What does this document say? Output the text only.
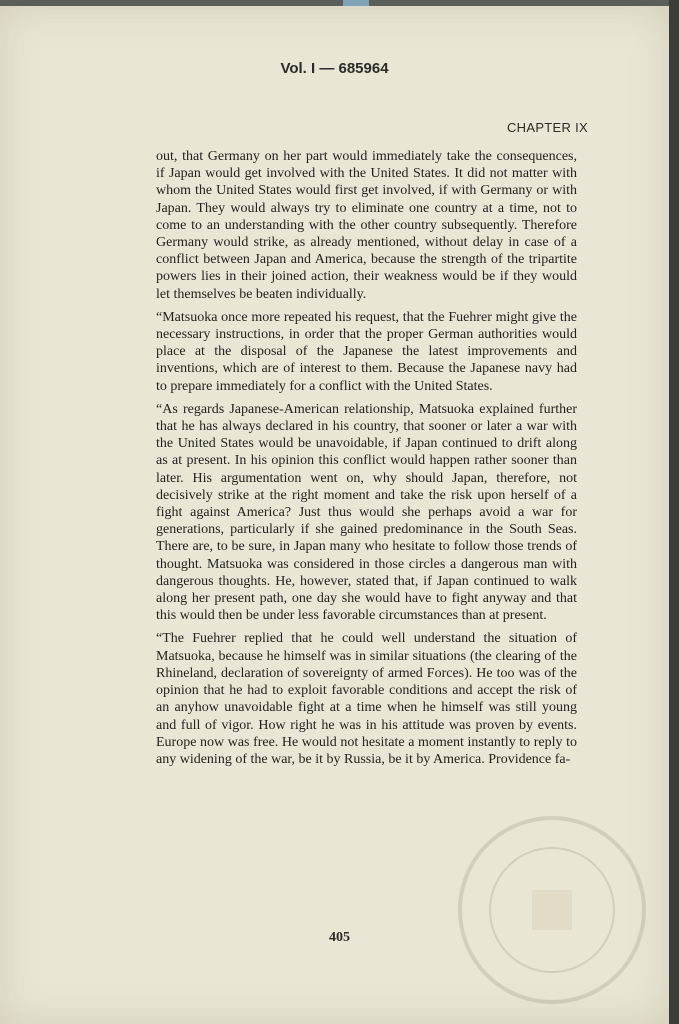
Vol. I — 685964
CHAPTER IX

out, that Germany on her part would immediately take the consequences, if Japan would get involved with the United States. It did not matter with whom the United States would first get involved, if with Germany or with Japan. They would always try to eliminate one country at a time, not to come to an understanding with the other country subsequently. Therefore Germany would strike, as already mentioned, without delay in case of a conflict between Japan and America, because the strength of the tripartite powers lies in their joined action, their weakness would be if they would let themselves be beaten individually.

“Matsuoka once more repeated his request, that the Fuehrer might give the necessary instructions, in order that the proper German authorities would place at the disposal of the Japanese the latest improvements and inventions, which are of interest to them. Because the Japanese navy had to prepare immediately for a conflict with the United States.

“As regards Japanese-American relationship, Matsuoka explained further that he has always declared in his country, that sooner or later a war with the United States would be unavoidable, if Japan continued to drift along as at present. In his opinion this conflict would happen rather sooner than later. His argumentation went on, why should Japan, therefore, not decisively strike at the right moment and take the risk upon herself of a fight against America? Just thus would she perhaps avoid a war for generations, particularly if she gained predominance in the South Seas. There are, to be sure, in Japan many who hesitate to follow those trends of thought. Matsuoka was considered in those circles a dangerous man with dangerous thoughts. He, however, stated that, if Japan continued to walk along her present path, one day she would have to fight anyway and that this would then be under less favorable circumstances than at present.

“The Fuehrer replied that he could well understand the situation of Matsuoka, because he himself was in similar situations (the clearing of the Rhineland, declaration of sovereignty of armed Forces). He too was of the opinion that he had to exploit favorable conditions and accept the risk of an anyhow unavoidable fight at a time when he himself was still young and full of vigor. How right he was in his attitude was proven by events. Europe now was free. He would not hesitate a moment instantly to reply to any widening of the war, be it by Russia, be it by America. Providence fa-

405
